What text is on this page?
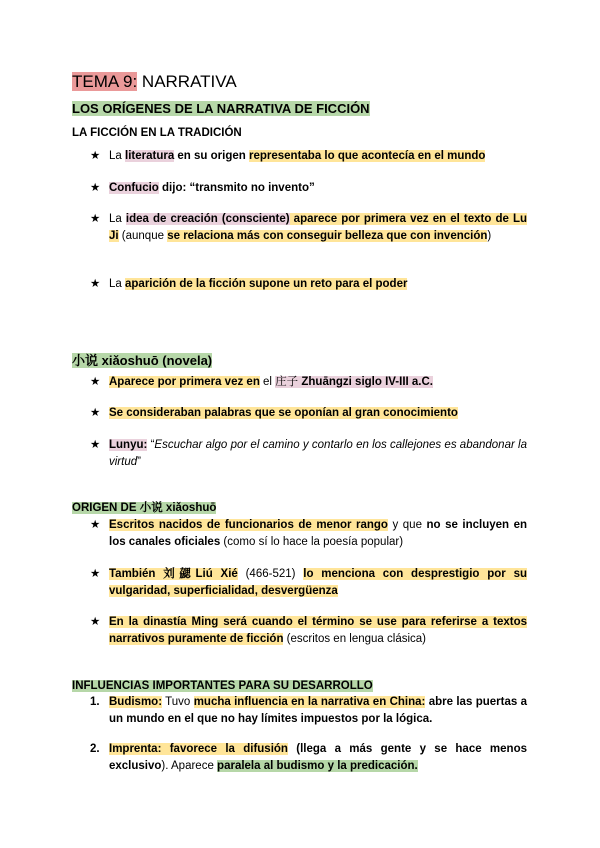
TEMA 9: NARRATIVA
LOS ORÍGENES DE LA NARRATIVA DE FICCIÓN
LA FICCIÓN EN LA TRADICIÓN
★ La literatura en su origen representaba lo que acontecía en el mundo
★ Confucio dijo: “transmito no invento”
★ La idea de creación (consciente) aparece por primera vez en el texto de Lu Ji (aunque se relaciona más con conseguir belleza que con invención)
★ La aparición de la ficción supone un reto para el poder
小说 xiǎoshuō (novela)
★ Aparece por primera vez en el 庄子 Zhuāngzi siglo IV-III a.C.
★ Se consideraban palabras que se oponían al gran conocimiento
★ Lunyu: “Escuchar algo por el camino y contarlo en los callejones es abandonar la virtud”
ORIGEN DE 小说 xiǎoshuō
★ Escritos nacidos de funcionarios de menor rango y que no se incluyen en los canales oficiales (como sí lo hace la poesía popular)
★ También 刘勰Liú Xié (466-521) lo menciona con desprestigio por su vulgaridad, superficialidad, desvergüenza
★ En la dinastía Ming será cuando el término se use para referirse a textos narrativos puramente de ficción (escritos en lengua clásica)
INFLUENCIAS IMPORTANTES PARA SU DESARROLLO
1. Budismo: Tuvo mucha influencia en la narrativa en China: abre las puertas a un mundo en el que no hay límites impuestos por la lógica.
2. Imprenta: favorece la difusión (llega a más gente y se hace menos exclusivo). Aparece paralela al budismo y la predicación.
